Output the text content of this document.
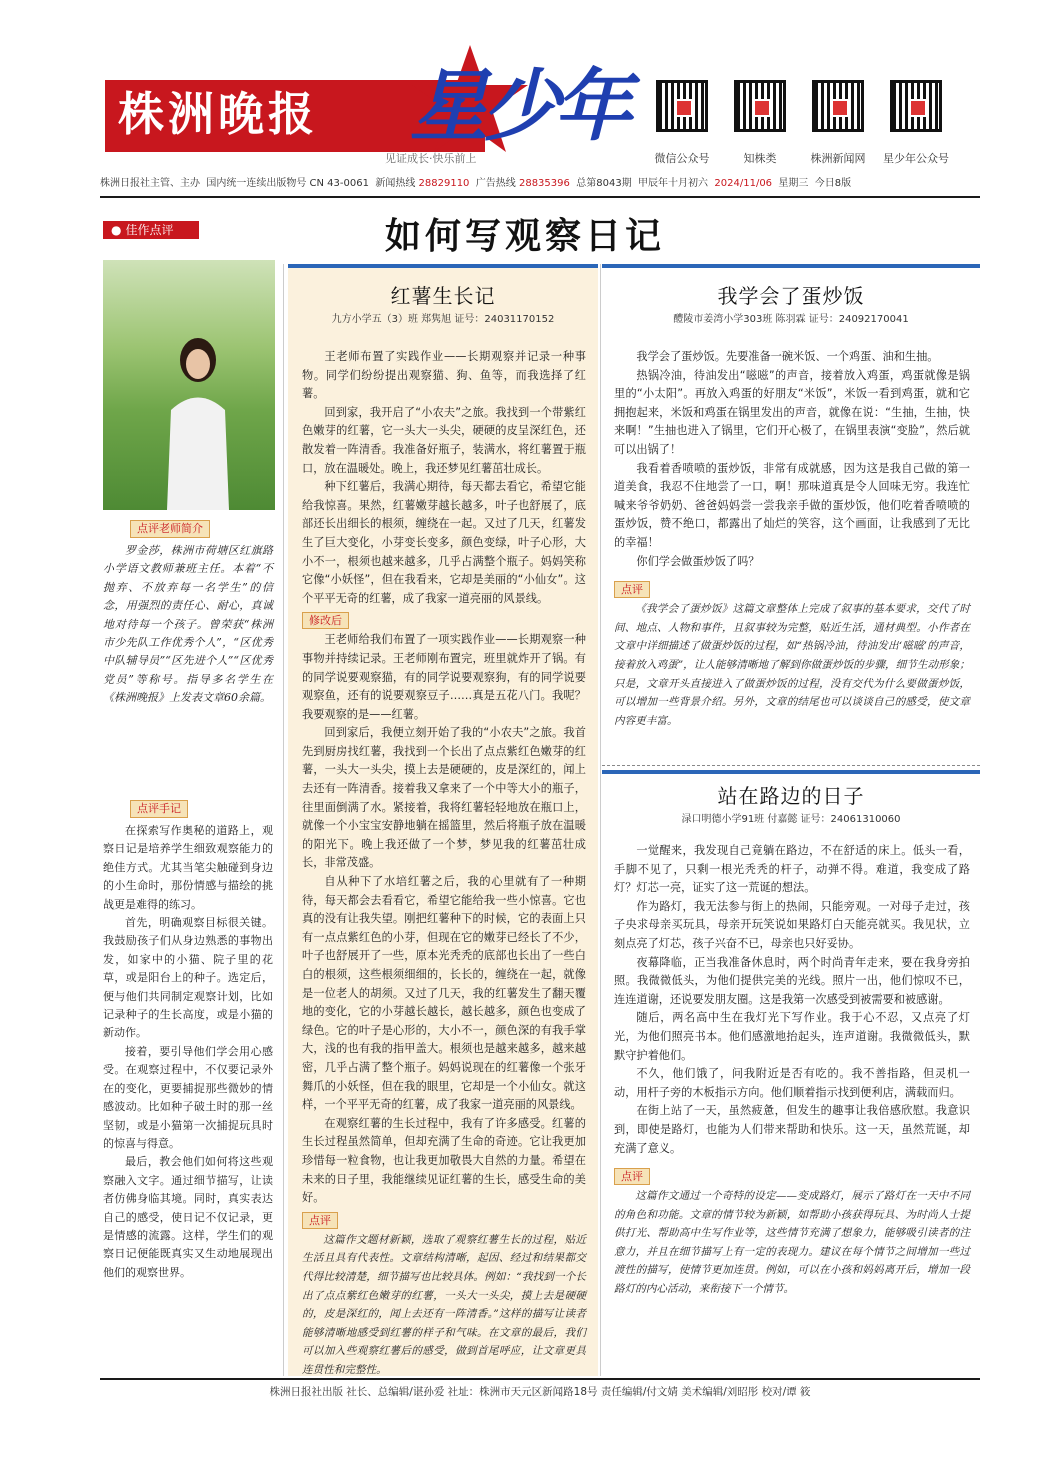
株洲晚报 星少年
见证成长·快乐前上	微信公众号	知株类	株洲新闻网	星少年公众号
株洲日报社主管、主办 国内统一连续出版物号 CN 43-0061 新闻热线 28829110 广告热线 28835396 总第8043期 甲辰年十月初六 2024/11/06 星期三 今日8版
● 佳作点评	如何写观察日记
点评老师简介

罗金莎，株洲市荷塘区红旗路小学语文教师兼班主任。本着“不抛弃、不放弃每一名学生”的信念，用强烈的责任心、耐心，真诚地对待每一个孩子。曾荣获“株洲市少先队工作优秀个人”，“区优秀中队辅导员”“区先进个人”“区优秀党员”等称号。指导多名学生在《株洲晚报》上发表文章60余篇。

点评手记

在探索写作奥秘的道路上，观察日记是培养学生细致观察能力的绝佳方式。尤其当笔尖触碰到身边的小生命时，那份情感与描绘的挑战更是难得的练习。

首先，明确观察目标很关键。我鼓励孩子们从身边熟悉的事物出发，如家中的小猫、院子里的花草，或是阳台上的种子。选定后，便与他们共同制定观察计划，比如记录种子的生长高度，或是小猫的新动作。

接着，要引导他们学会用心感受。在观察过程中，不仅要记录外在的变化，更要捕捉那些微妙的情感波动。比如种子破土时的那一丝坚韧，或是小猫第一次捕捉玩具时的惊喜与得意。

最后，教会他们如何将这些观察融入文字。通过细节描写，让读者仿佛身临其境。同时，真实表达自己的感受，使日记不仅记录，更是情感的流露。这样，学生们的观察日记便能既真实又生动地展现出他们的观察世界。

红薯生长记
九方小学五（3）班 郑隽旭 证号：24031170152

王老师布置了实践作业——长期观察并记录一种事物。同学们纷纷提出观察猫、狗、鱼等，而我选择了红薯。

回到家，我开启了“小农夫”之旅。我找到一个带紫红色嫩芽的红薯，它一头大一头尖，硬硬的皮呈深红色，还散发着一阵清香。我准备好瓶子，装满水，将红薯置于瓶口，放在温暖处。晚上，我还梦见红薯茁壮成长。

种下红薯后，我满心期待，每天都去看它，希望它能给我惊喜。果然，红薯嫩芽越长越多，叶子也舒展了，底部还长出细长的根须，缠绕在一起。又过了几天，红薯发生了巨大变化，小芽变长变多，颜色变绿，叶子心形，大小不一，根须也越来越多，几乎占满整个瓶子。妈妈笑称它像“小妖怪”，但在我看来，它却是美丽的“小仙女”。这个平平无奇的红薯，成了我家一道亮丽的风景线。

修改后

王老师给我们布置了一项实践作业——长期观察一种事物并持续记录。王老师刚布置完，班里就炸开了锅。有的同学说要观察猫，有的同学说要观察狗，有的同学说要观察鱼，还有的说要观察豆子……真是五花八门。我呢？我要观察的是——红薯。

回到家后，我便立刻开始了我的“小农夫”之旅。我首先到厨房找红薯，我找到一个长出了点点紫红色嫩芽的红薯，一头大一头尖，摸上去是硬硬的，皮是深红的，闻上去还有一阵清香。接着我又拿来了一个中等大小的瓶子，往里面倒满了水。紧接着，我将红薯轻轻地放在瓶口上，就像一个小宝宝安静地躺在摇篮里，然后将瓶子放在温暖的阳光下。晚上我还做了一个梦，梦见我的红薯茁壮成长，非常茂盛。

自从种下了水培红薯之后，我的心里就有了一种期待，每天都会去看看它，希望它能给我一些小惊喜。它也真的没有让我失望。刚把红薯种下的时候，它的表面上只有一点点紫红色的小芽，但现在它的嫩芽已经长了不少，叶子也舒展开了一些，原本光秃秃的底部也长出了一些白白的根须，这些根须细细的，长长的，缠绕在一起，就像是一位老人的胡须。又过了几天，我的红薯发生了翻天覆地的变化，它的小芽越长越长，越长越多，颜色也变成了绿色。它的叶子是心形的，大小不一，颜色深的有我手掌大，浅的也有我的指甲盖大。根须也是越来越多，越来越密，几乎占满了整个瓶子。妈妈说现在的红薯像一个张牙舞爪的小妖怪，但在我的眼里，它却是一个小仙女。就这样，一个平平无奇的红薯，成了我家一道亮丽的风景线。

在观察红薯的生长过程中，我有了许多感受。红薯的生长过程虽然简单，但却充满了生命的奇迹。它让我更加珍惜每一粒食物，也让我更加敬畏大自然的力量。希望在未来的日子里，我能继续见证红薯的生长，感受生命的美好。

点评

这篇作文题材新颖，选取了观察红薯生长的过程，贴近生活且具有代表性。文章结构清晰，起因、经过和结果都交代得比较清楚，细节描写也比较具体。例如：“我找到一个长出了点点紫红色嫩芽的红薯，一头大一头尖，摸上去是硬硬的，皮是深红的，闻上去还有一阵清香。”这样的描写让读者能够清晰地感受到红薯的样子和气味。在文章的最后，我们可以加入些观察红薯后的感受，做到首尾呼应，让文章更具连贯性和完整性。

我学会了蛋炒饭
醴陵市姜湾小学303班 陈羽霖 证号：24092170041

我学会了蛋炒饭。先要准备一碗米饭、一个鸡蛋、油和生抽。

热锅冷油，待油发出“嗞嗞”的声音，接着放入鸡蛋，鸡蛋就像是锅里的“小太阳”。再放入鸡蛋的好朋友“米饭”，米饭一看到鸡蛋，就和它拥抱起来，米饭和鸡蛋在锅里发出的声音，就像在说：“生抽，生抽，快来啊！”生抽也进入了锅里，它们开心极了，在锅里表演“变脸”，然后就可以出锅了！

我看着香喷喷的蛋炒饭，非常有成就感，因为这是我自己做的第一道美食，我忍不住地尝了一口，啊！那味道真是令人回味无穷。我连忙喊来爷爷奶奶、爸爸妈妈尝一尝我亲手做的蛋炒饭，他们吃着香喷喷的蛋炒饭，赞不绝口，都露出了灿烂的笑容，这个画面，让我感到了无比的幸福！

你们学会做蛋炒饭了吗？

点评

《我学会了蛋炒饭》这篇文章整体上完成了叙事的基本要求，交代了时间、地点、人物和事件，且叙事较为完整，贴近生活，通材典型。小作者在文章中详细描述了做蛋炒饭的过程，如“热锅冷油，待油发出‘嗞嗞’的声音，接着放入鸡蛋”，让人能够清晰地了解到你做蛋炒饭的步骤，细节生动形象；只是，文章开头直接进入了做蛋炒饭的过程，没有交代为什么要做蛋炒饭，可以增加一些背景介绍。另外，文章的结尾也可以谈谈自己的感受，使文章内容更丰富。

站在路边的日子
渌口明德小学91班 付嘉懿 证号：24061310060

一觉醒来，我发现自己竟躺在路边，不在舒适的床上。低头一看，手脚不见了，只剩一根光秃秃的杆子，动弹不得。难道，我变成了路灯？灯芯一亮，证实了这一荒诞的想法。

作为路灯，我无法参与街上的热闹，只能旁观。一对母子走过，孩子央求母亲买玩具，母亲开玩笑说如果路灯白天能亮就买。我见状，立刻点亮了灯芯，孩子兴奋不已，母亲也只好妥协。

夜幕降临，正当我准备休息时，两个时尚青年走来，要在我身旁拍照。我微微低头，为他们提供完美的光线。照片一出，他们惊叹不已，连连道谢，还说要发朋友圈。这是我第一次感受到被需要和被感谢。

随后，两名高中生在我灯光下写作业。我于心不忍，又点亮了灯光，为他们照亮书本。他们感激地抬起头，连声道谢。我微微低头，默默守护着他们。

不久，他们饿了，问我附近是否有吃的。我不善指路，但灵机一动，用杆子旁的木板指示方向。他们顺着指示找到便利店，满载而归。

在街上站了一天，虽然疲惫，但发生的趣事让我倍感欣慰。我意识到，即使是路灯，也能为人们带来帮助和快乐。这一天，虽然荒诞，却充满了意义。

点评

这篇作文通过一个奇特的设定——变成路灯，展示了路灯在一天中不同的角色和功能。文章的情节较为新颖，如帮助小孩获得玩具、为时尚人士提供打光、帮助高中生写作业等，这些情节充满了想象力，能够吸引读者的注意力，并且在细节描写上有一定的表现力。建议在每个情节之间增加一些过渡性的描写，使情节更加连贯。例如，可以在小孩和妈妈离开后，增加一段路灯的内心活动，来衔接下一个情节。

株洲日报社出版 社长、总编辑/谌孙爱 社址：株洲市天元区新闻路18号 责任编辑/付文婧 美术编辑/刘昭彤 校对/谭 筱
